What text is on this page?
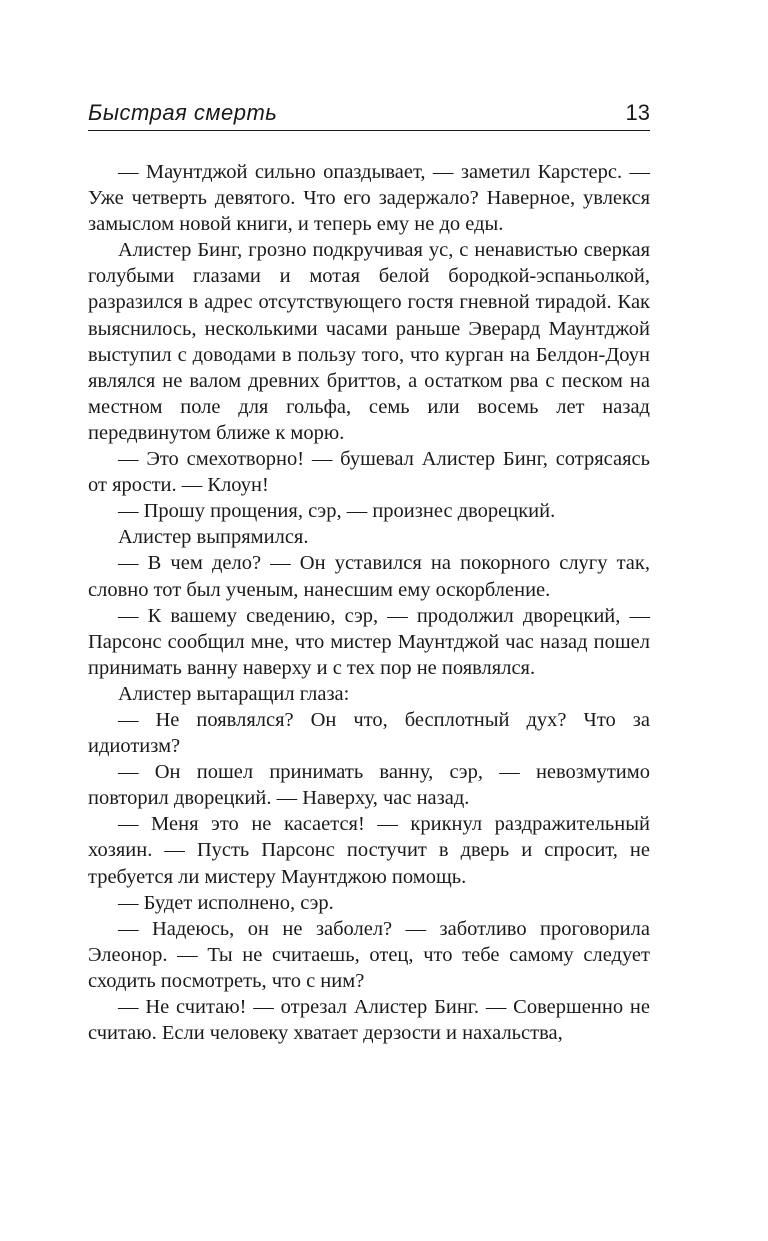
Быстрая смерть	13

— Маунтджой сильно опаздывает, — заметил Карстерс. — Уже четверть девятого. Что его задержало? Наверное, увлекся замыслом новой книги, и теперь ему не до еды.

Алистер Бинг, грозно подкручивая ус, с ненавистью сверкая голубыми глазами и мотая белой бородкой-эспаньолкой, разразился в адрес отсутствующего гостя гневной тирадой. Как выяснилось, несколькими часами раньше Эверард Маунтджой выступил с доводами в пользу того, что курган на Белдон-Доун являлся не валом древних бриттов, а остатком рва с песком на местном поле для гольфа, семь или восемь лет назад передвинутом ближе к морю.

— Это смехотворно! — бушевал Алистер Бинг, сотрясаясь от ярости. — Клоун!

— Прошу прощения, сэр, — произнес дворецкий.

Алистер выпрямился.

— В чем дело? — Он уставился на покорного слугу так, словно тот был ученым, нанесшим ему оскорбление.

— К вашему сведению, сэр, — продолжил дворецкий, — Парсонс сообщил мне, что мистер Маунтджой час назад пошел принимать ванну наверху и с тех пор не появлялся.

Алистер вытаращил глаза:

— Не появлялся? Он что, бесплотный дух? Что за идиотизм?

— Он пошел принимать ванну, сэр, — невозмутимо повторил дворецкий. — Наверху, час назад.

— Меня это не касается! — крикнул раздражительный хозяин. — Пусть Парсонс постучит в дверь и спросит, не требуется ли мистеру Маунтджою помощь.

— Будет исполнено, сэр.

— Надеюсь, он не заболел? — заботливо проговорила Элеонор. — Ты не считаешь, отец, что тебе самому следует сходить посмотреть, что с ним?

— Не считаю! — отрезал Алистер Бинг. — Совершенно не считаю. Если человеку хватает дерзости и нахальства,
